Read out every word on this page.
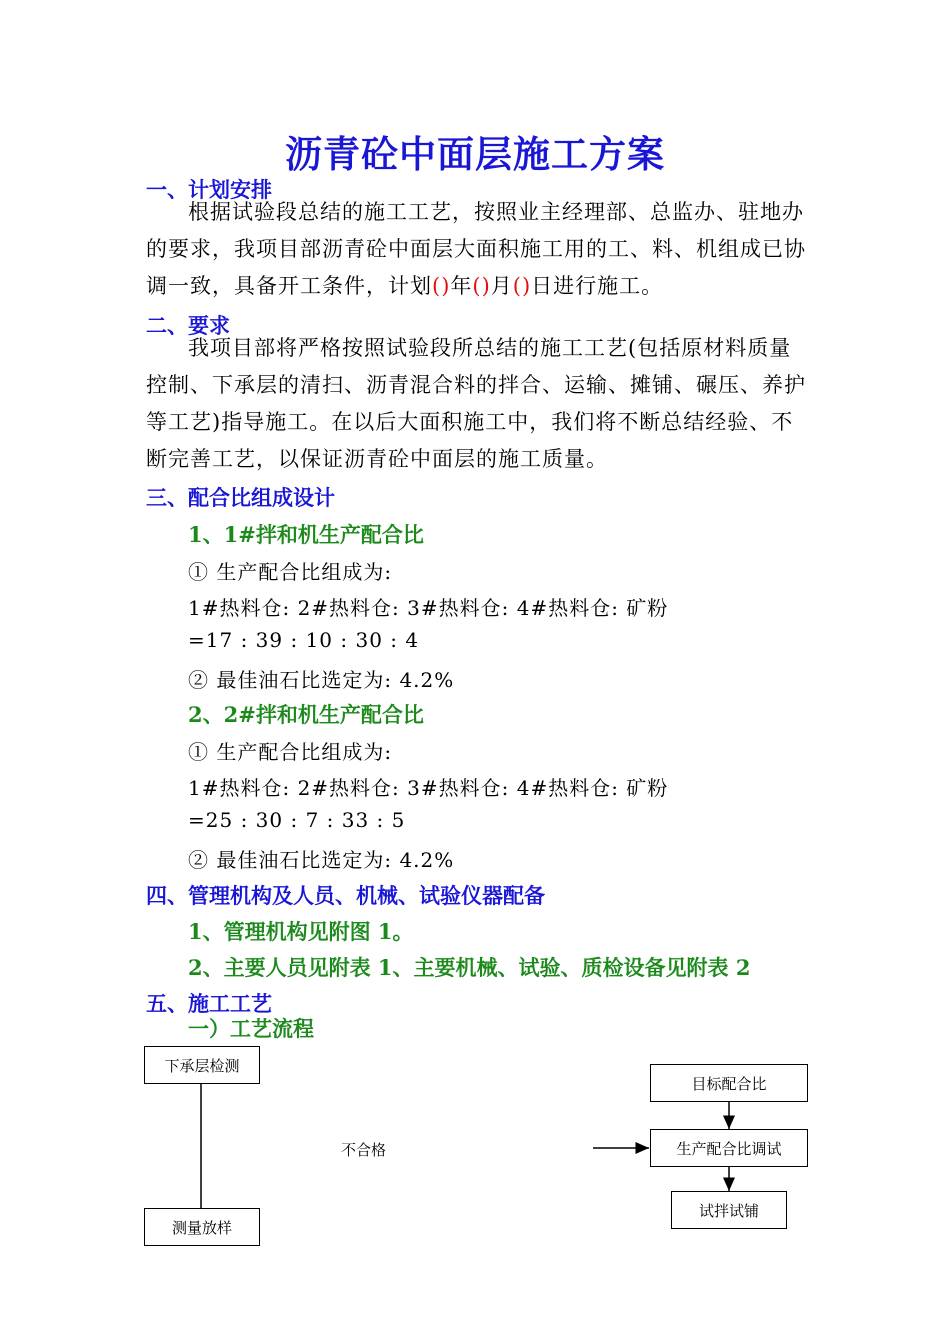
沥青砼中面层施工方案
一、计划安排
根据试验段总结的施工工艺，按照业主经理部、总监办、驻地办的要求，我项目部沥青砼中面层大面积施工用的工、料、机组成已协调一致，具备开工条件，计划()年()月()日进行施工。
二、要求
我项目部将严格按照试验段所总结的施工工艺(包括原材料质量控制、下承层的清扫、沥青混合料的拌合、运输、摊铺、碾压、养护等工艺)指导施工。在以后大面积施工中，我们将不断总结经验、不断完善工艺，以保证沥青砼中面层的施工质量。
三、配合比组成设计
1、1#拌和机生产配合比
① 生产配合比组成为:
1#热料仓: 2#热料仓: 3#热料仓: 4#热料仓: 矿粉
=17 : 39 : 10 : 30 : 4
② 最佳油石比选定为: 4.2%
2、2#拌和机生产配合比
① 生产配合比组成为:
1#热料仓: 2#热料仓: 3#热料仓: 4#热料仓: 矿粉
=25 : 30 : 7 : 33 : 5
② 最佳油石比选定为: 4.2%
四、管理机构及人员、机械、试验仪器配备
1、管理机构见附图 1。
2、主要人员见附表 1、主要机械、试验、质检设备见附表 2
五、施工工艺
一）工艺流程
下承层检测
测量放样
不合格
目标配合比
生产配合比调试
试拌试铺
